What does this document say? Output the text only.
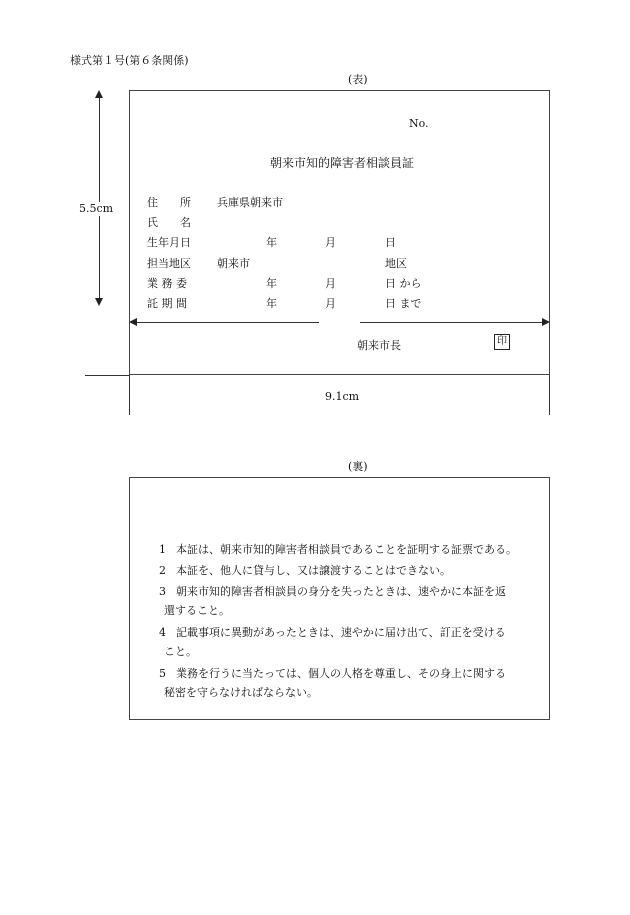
様式第１号(第６条関係)
(表)
5.5cm
9.1cm
No.
朝来市知的障害者相談員証
住　　所 兵庫県朝来市
氏　　名
生年月日	年	月	日
担当地区 朝来市	地区
業 務 委	年	月	日 から
託 期 間	年	月	日 まで
朝来市長	印
(裏)
1 本証は、朝来市知的障害者相談員であることを証明する証票である。
2 本証を、他人に貸与し、又は譲渡することはできない。
3 朝来市知的障害者相談員の身分を失ったときは、速やかに本証を返
還すること。
4 記載事項に異動があったときは、速やかに届け出て、訂正を受ける
こと。
5 業務を行うに当たっては、個人の人格を尊重し、その身上に関する
秘密を守らなければならない。
